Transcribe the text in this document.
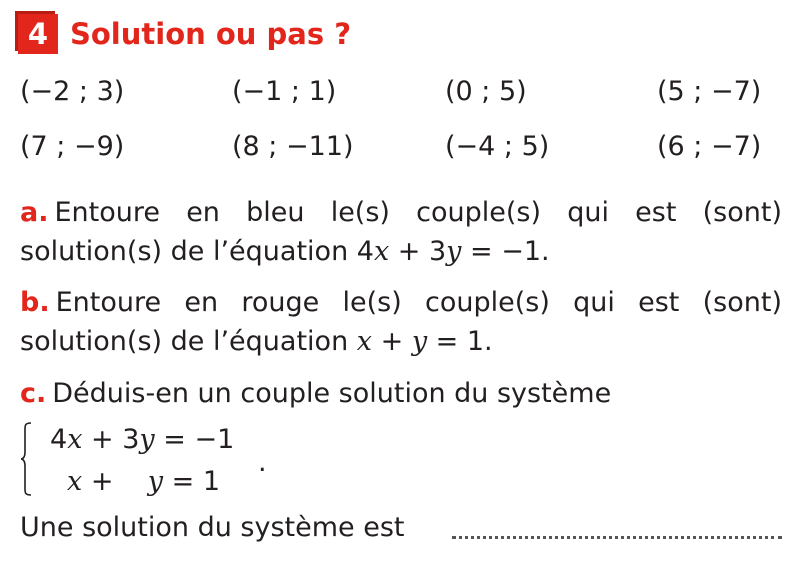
4 Solution ou pas ?
(−2 ; 3)	(−1 ; 1)	(0 ; 5)	(5 ; −7)
(7 ; −9)	(8 ; −11)	(−4 ; 5)	(6 ; −7)
a. Entoure en bleu le(s) couple(s) qui est (sont) solution(s) de l’équation 4x + 3y = −1.
b. Entoure en rouge le(s) couple(s) qui est (sont) solution(s) de l’équation x + y = 1.
c. Déduis-en un couple solution du système
4x + 3y = −1
x +    y = 1
.
Une solution du système est
